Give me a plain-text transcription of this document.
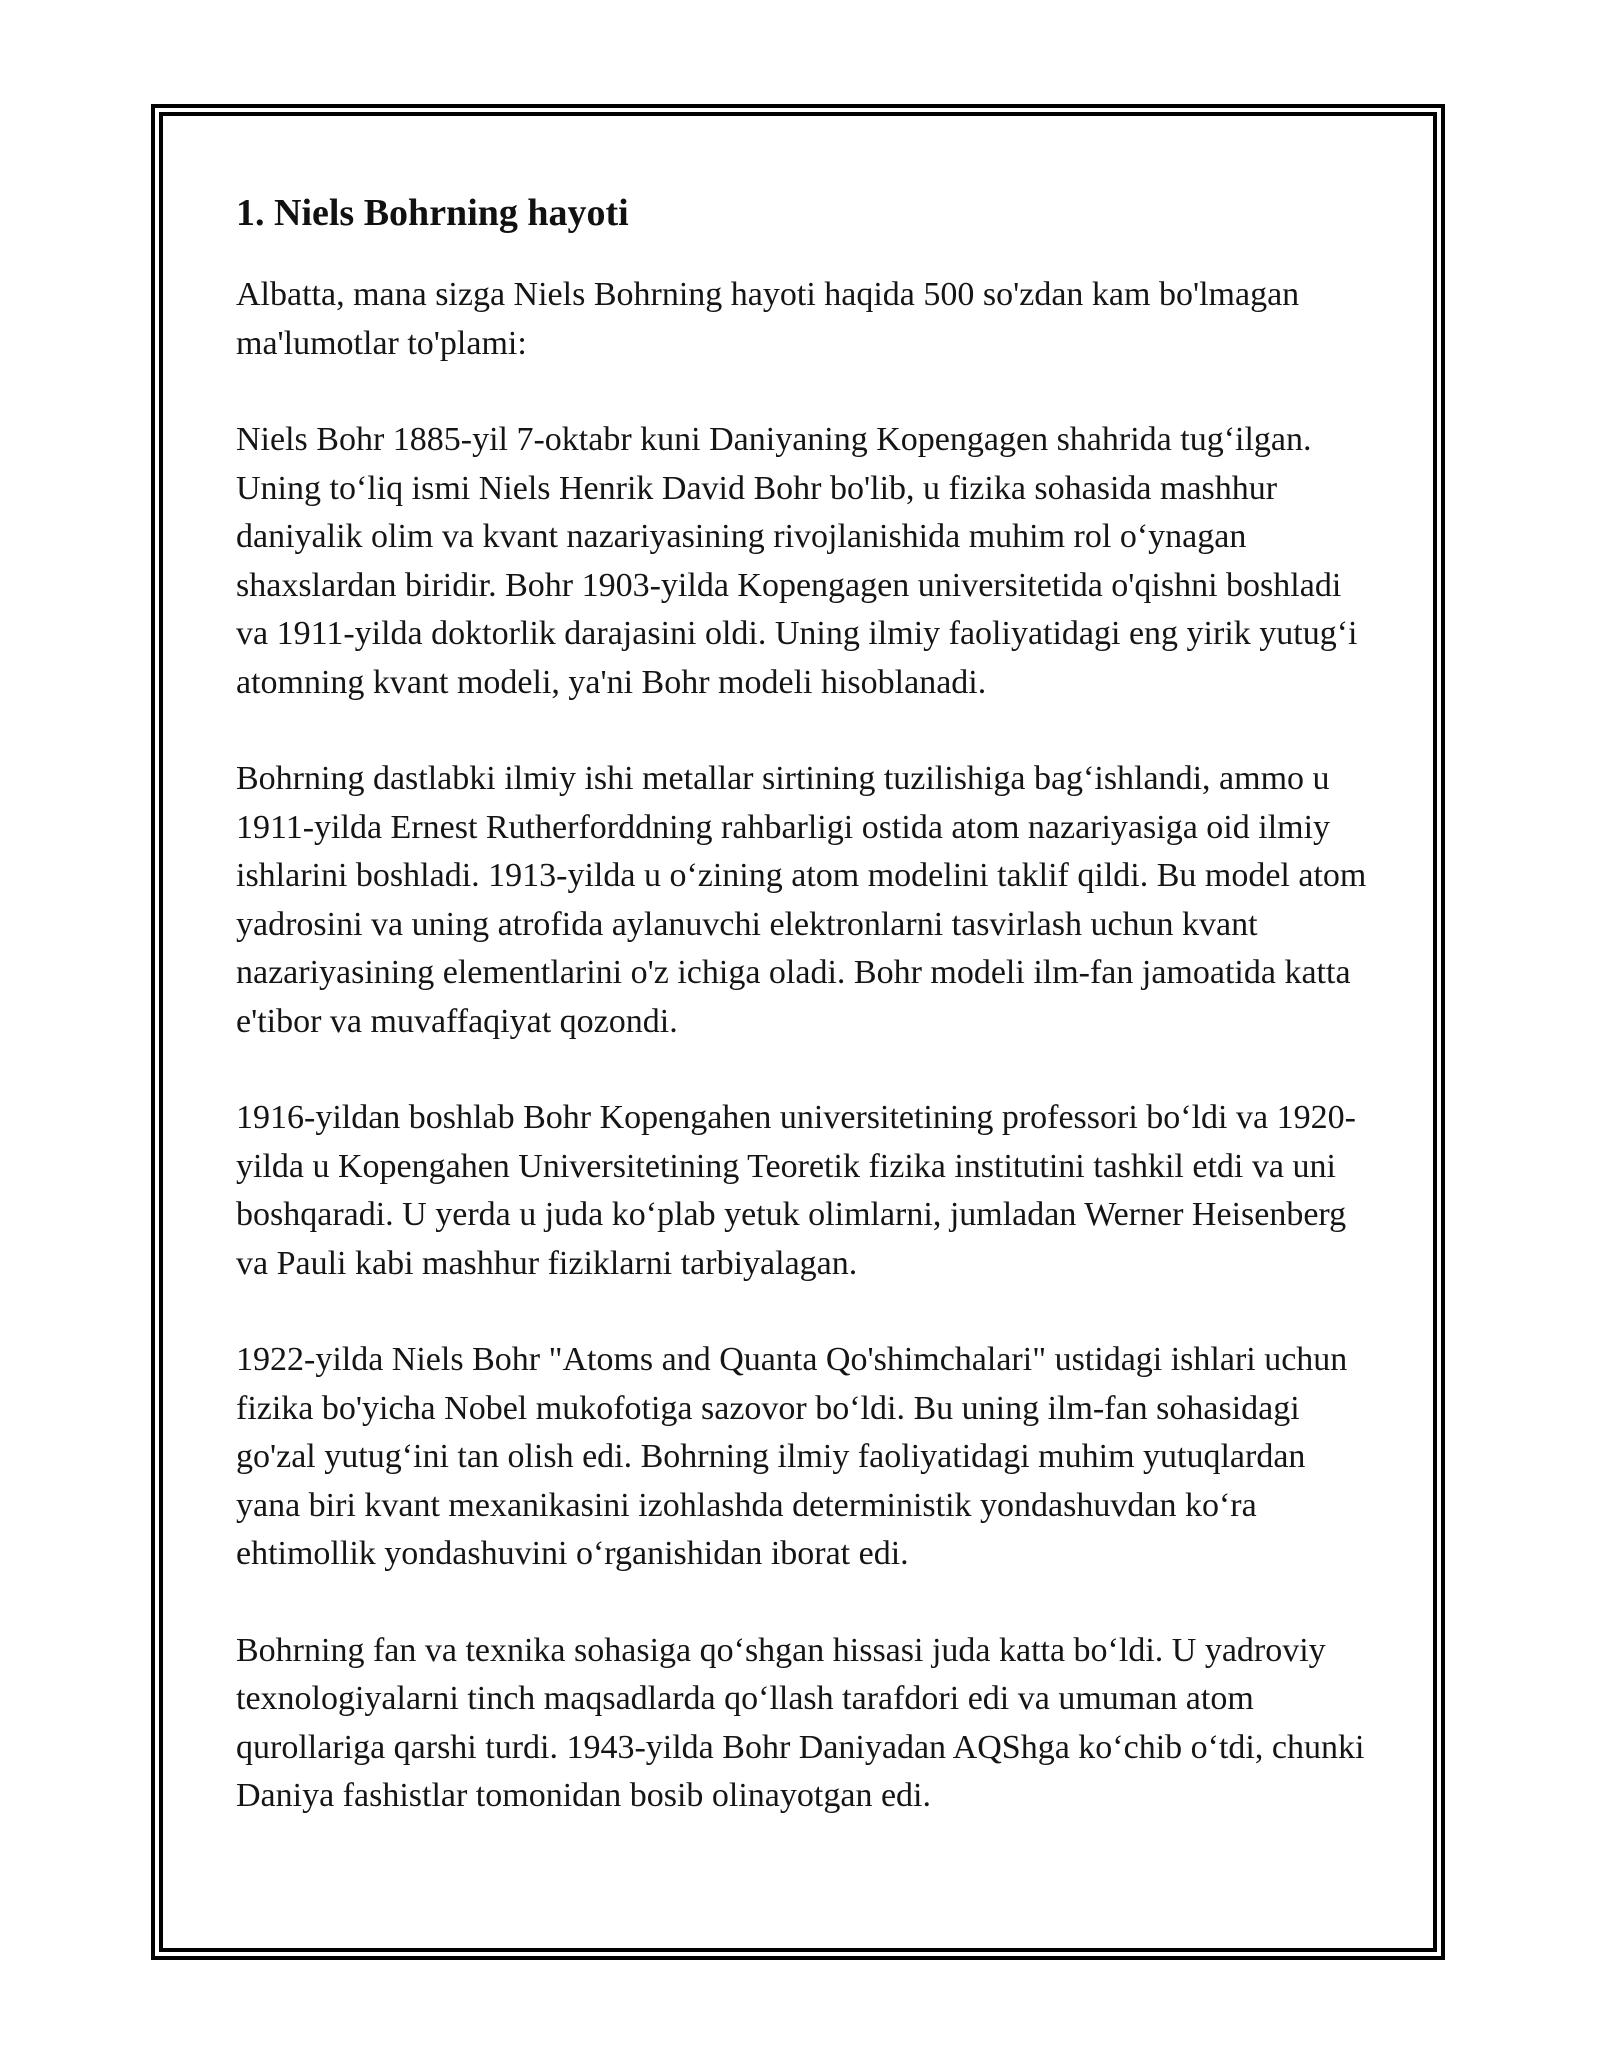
1. Niels Bohrning hayoti

Albatta, mana sizga Niels Bohrning hayoti haqida 500 so'zdan kam bo'lmagan ma'lumotlar to'plami:

Niels Bohr 1885-yil 7-oktabr kuni Daniyaning Kopengagen shahrida tug‘ilgan. Uning to‘liq ismi Niels Henrik David Bohr bo'lib, u fizika sohasida mashhur daniyalik olim va kvant nazariyasining rivojlanishida muhim rol o‘ynagan shaxslardan biridir. Bohr 1903-yilda Kopengagen universitetida o'qishni boshladi va 1911-yilda doktorlik darajasini oldi. Uning ilmiy faoliyatidagi eng yirik yutug‘i atomning kvant modeli, ya'ni Bohr modeli hisoblanadi.

Bohrning dastlabki ilmiy ishi metallar sirtining tuzilishiga bag‘ishlandi, ammo u 1911-yilda Ernest Rutherforddning rahbarligi ostida atom nazariyasiga oid ilmiy ishlarini boshladi. 1913-yilda u o‘zining atom modelini taklif qildi. Bu model atom yadrosini va uning atrofida aylanuvchi elektronlarni tasvirlash uchun kvant nazariyasining elementlarini o'z ichiga oladi. Bohr modeli ilm-fan jamoatida katta e'tibor va muvaffaqiyat qozondi.

1916-yildan boshlab Bohr Kopengahen universitetining professori bo‘ldi va 1920-yilda u Kopengahen Universitetining Teoretik fizika institutini tashkil etdi va uni boshqaradi. U yerda u juda ko‘plab yetuk olimlarni, jumladan Werner Heisenberg va Pauli kabi mashhur fiziklarni tarbiyalagan.

1922-yilda Niels Bohr "Atoms and Quanta Qo'shimchalari" ustidagi ishlari uchun fizika bo'yicha Nobel mukofotiga sazovor bo‘ldi. Bu uning ilm-fan sohasidagi go'zal yutug‘ini tan olish edi. Bohrning ilmiy faoliyatidagi muhim yutuqlardan yana biri kvant mexanikasini izohlashda deterministik yondashuvdan ko‘ra ehtimollik yondashuvini o‘rganishidan iborat edi.

Bohrning fan va texnika sohasiga qo‘shgan hissasi juda katta bo‘ldi. U yadroviy texnologiyalarni tinch maqsadlarda qo‘llash tarafdori edi va umuman atom qurollariga qarshi turdi. 1943-yilda Bohr Daniyadan AQShga ko‘chib o‘tdi, chunki Daniya fashistlar tomonidan bosib olinayotgan edi.
